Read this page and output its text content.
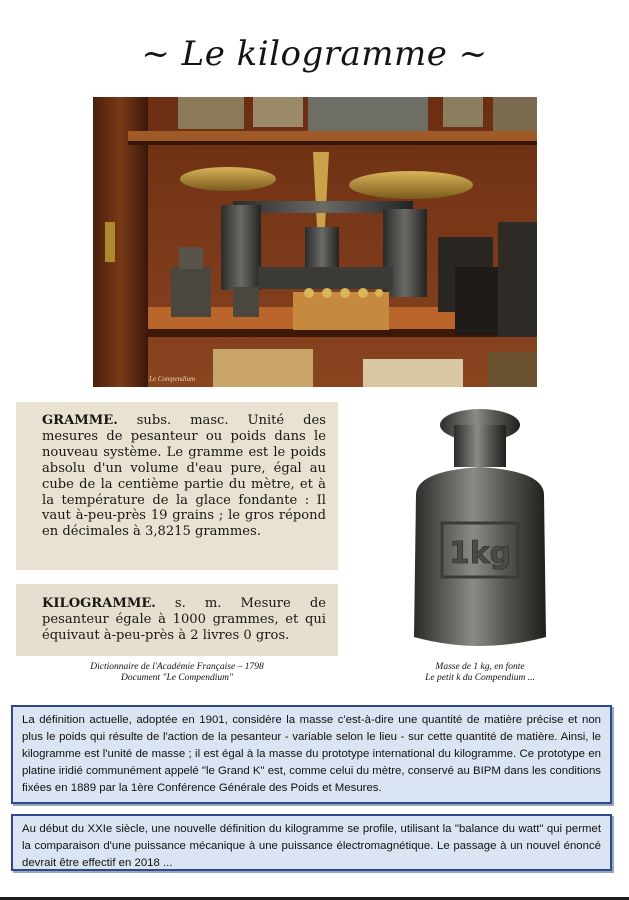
~ Le kilogramme ~
Le Compendium

GRAMME. subs. masc. Unité des mesures de pesanteur ou poids dans le nouveau système. Le gramme est le poids absolu d'un volume d'eau pure, égal au cube de la centième partie du mètre, et à la température de la glace fondante : Il vaut à-peu-près 19 grains ; le gros répond en décimales à 3,8215 grammes.

KILOGRAMME. s. m. Mesure de pesanteur égale à 1000 grammes, et qui équivaut à-peu-près à 2 livres 0 gros.

Dictionnaire de l'Académie Française – 1798
Document "Le Compendium"
1kg
Masse de 1 kg, en fonte
Le petit k du Compendium ...

La définition actuelle, adoptée en 1901, considère la masse c'est-à-dire une quantité de matière précise et non plus le poids qui résulte de l'action de la pesanteur - variable selon le lieu - sur cette quantité de matière. Ainsi, le kilogramme est l'unité de masse ; il est égal à la masse du prototype international du kilogramme. Ce prototype en platine iridié communément appelé "le Grand K" est, comme celui du mètre, conservé au BIPM dans les conditions fixées en 1889 par la 1ère Conférence Générale des Poids et Mesures.

Au début du XXIe siècle, une nouvelle définition du kilogramme se profile, utilisant la "balance du watt" qui permet la comparaison d'une puissance mécanique à une puissance électromagnétique. Le passage à un nouvel énoncé devrait être effectif en 2018 ...
